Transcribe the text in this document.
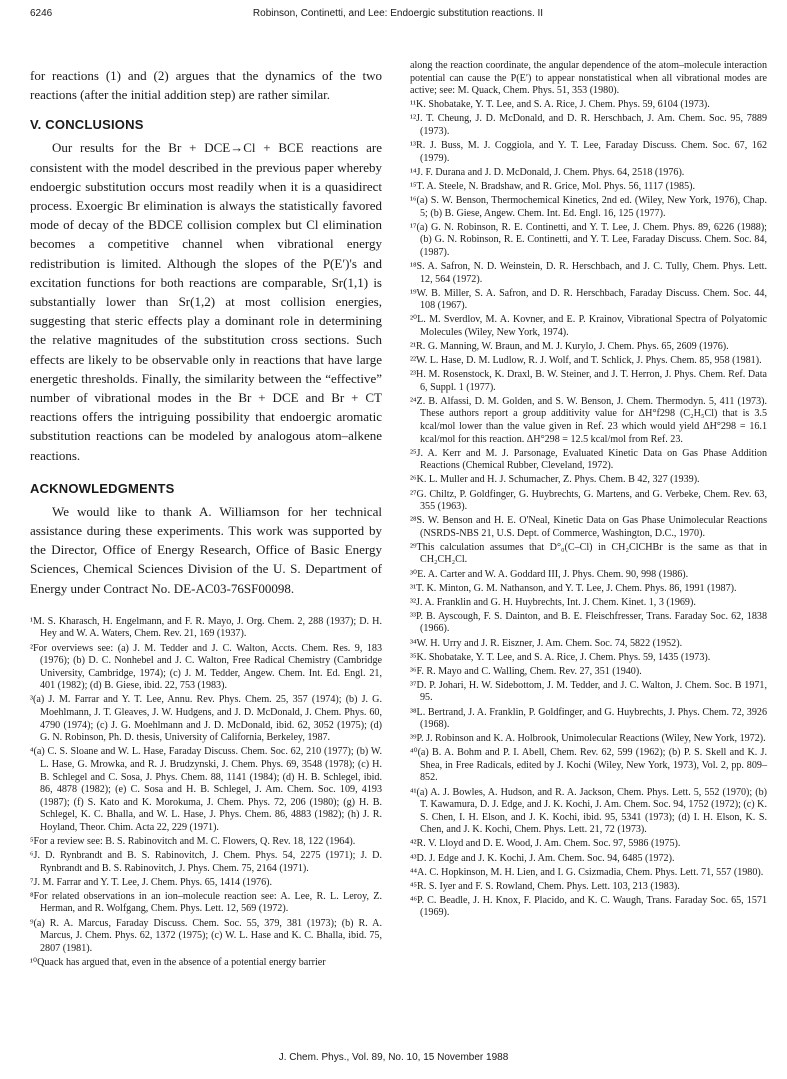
6246	Robinson, Continetti, and Lee: Endoergic substitution reactions. II

for reactions (1) and (2) argues that the dynamics of the two reactions (after the initial addition step) are rather similar.

V. CONCLUSIONS

Our results for the Br + DCE→Cl + BCE reactions are consistent with the model described in the previous paper whereby endoergic substitution occurs most readily when it is a quasidirect process. Exoergic Br elimination is always the statistically favored mode of decay of the BDCE collision complex but Cl elimination becomes a competitive channel when vibrational energy redistribution is limited. Although the slopes of the P(E′)'s and excitation functions for both reactions are comparable, Sr(1,1) is substantially lower than Sr(1,2) at most collision energies, suggesting that steric effects play a dominant role in determining the relative magnitudes of the substitution cross sections. Such effects are likely to be observable only in reactions that have large energetic thresholds. Finally, the similarity between the “effective” number of vibrational modes in the Br + DCE and Br + CT reactions offers the intriguing possibility that endoergic aromatic substitution reactions can be modeled by analogous atom–alkene reactions.

ACKNOWLEDGMENTS

We would like to thank A. Williamson for her technical assistance during these experiments. This work was supported by the Director, Office of Energy Research, Office of Basic Energy Sciences, Chemical Sciences Division of the U. S. Department of Energy under Contract No. DE-AC03-76SF00098.

¹M. S. Kharasch, H. Engelmann, and F. R. Mayo, J. Org. Chem. 2, 288 (1937); D. H. Hey and W. A. Waters, Chem. Rev. 21, 169 (1937).

²For overviews see: (a) J. M. Tedder and J. C. Walton, Accts. Chem. Res. 9, 183 (1976); (b) D. C. Nonhebel and J. C. Walton, Free Radical Chemistry (Cambridge University, Cambridge, 1974); (c) J. M. Tedder, Angew. Chem. Int. Ed. Engl. 21, 401 (1982); (d) B. Giese, ibid. 22, 753 (1983).

³(a) J. M. Farrar and Y. T. Lee, Annu. Rev. Phys. Chem. 25, 357 (1974); (b) J. G. Moehlmann, J. T. Gleaves, J. W. Hudgens, and J. D. McDonald, J. Chem. Phys. 60, 4790 (1974); (c) J. G. Moehlmann and J. D. McDonald, ibid. 62, 3052 (1975); (d) G. N. Robinson, Ph. D. thesis, University of California, Berkeley, 1987.

⁴(a) C. S. Sloane and W. L. Hase, Faraday Discuss. Chem. Soc. 62, 210 (1977); (b) W. L. Hase, G. Mrowka, and R. J. Brudzynski, J. Chem. Phys. 69, 3548 (1978); (c) H. B. Schlegel and C. Sosa, J. Phys. Chem. 88, 1141 (1984); (d) H. B. Schlegel, ibid. 86, 4878 (1982); (e) C. Sosa and H. B. Schlegel, J. Am. Chem. Soc. 109, 4193 (1987); (f) S. Kato and K. Morokuma, J. Chem. Phys. 72, 206 (1980); (g) H. B. Schlegel, K. C. Bhalla, and W. L. Hase, J. Phys. Chem. 86, 4883 (1982); (h) J. R. Hoyland, Theor. Chim. Acta 22, 229 (1971).

⁵For a review see: B. S. Rabinovitch and M. C. Flowers, Q. Rev. 18, 122 (1964).

⁶J. D. Rynbrandt and B. S. Rabinovitch, J. Chem. Phys. 54, 2275 (1971); J. D. Rynbrandt and B. S. Rabinovitch, J. Phys. Chem. 75, 2164 (1971).

⁷J. M. Farrar and Y. T. Lee, J. Chem. Phys. 65, 1414 (1976).

⁸For related observations in an ion–molecule reaction see: A. Lee, R. L. Leroy, Z. Herman, and R. Wolfgang, Chem. Phys. Lett. 12, 569 (1972).

⁹(a) R. A. Marcus, Faraday Discuss. Chem. Soc. 55, 379, 381 (1973); (b) R. A. Marcus, J. Chem. Phys. 62, 1372 (1975); (c) W. L. Hase and K. C. Bhalla, ibid. 75, 2807 (1981).

¹⁰Quack has argued that, even in the absence of a potential energy barrier

along the reaction coordinate, the angular dependence of the atom–molecule interaction potential can cause the P(E′) to appear nonstatistical when all vibrational modes are active; see: M. Quack, Chem. Phys. 51, 353 (1980).

¹¹K. Shobatake, Y. T. Lee, and S. A. Rice, J. Chem. Phys. 59, 6104 (1973).

¹²J. T. Cheung, J. D. McDonald, and D. R. Herschbach, J. Am. Chem. Soc. 95, 7889 (1973).

¹³R. J. Buss, M. J. Coggiola, and Y. T. Lee, Faraday Discuss. Chem. Soc. 67, 162 (1979).

¹⁴J. F. Durana and J. D. McDonald, J. Chem. Phys. 64, 2518 (1976).

¹⁵T. A. Steele, N. Bradshaw, and R. Grice, Mol. Phys. 56, 1117 (1985).

¹⁶(a) S. W. Benson, Thermochemical Kinetics, 2nd ed. (Wiley, New York, 1976), Chap. 5; (b) B. Giese, Angew. Chem. Int. Ed. Engl. 16, 125 (1977).

¹⁷(a) G. N. Robinson, R. E. Continetti, and Y. T. Lee, J. Chem. Phys. 89, 6226 (1988); (b) G. N. Robinson, R. E. Continetti, and Y. T. Lee, Faraday Discuss. Chem. Soc. 84, (1987).

¹⁸S. A. Safron, N. D. Weinstein, D. R. Herschbach, and J. C. Tully, Chem. Phys. Lett. 12, 564 (1972).

¹⁹W. B. Miller, S. A. Safron, and D. R. Herschbach, Faraday Discuss. Chem. Soc. 44, 108 (1967).

²⁰L. M. Sverdlov, M. A. Kovner, and E. P. Krainov, Vibrational Spectra of Polyatomic Molecules (Wiley, New York, 1974).

²¹R. G. Manning, W. Braun, and M. J. Kurylo, J. Chem. Phys. 65, 2609 (1976).

²²W. L. Hase, D. M. Ludlow, R. J. Wolf, and T. Schlick, J. Phys. Chem. 85, 958 (1981).

²³H. M. Rosenstock, K. Draxl, B. W. Steiner, and J. T. Herron, J. Phys. Chem. Ref. Data 6, Suppl. 1 (1977).

²⁴Z. B. Alfassi, D. M. Golden, and S. W. Benson, J. Chem. Thermodyn. 5, 411 (1973). These authors report a group additivity value for ΔH°f298 (C₂H₅Cl) that is 3.5 kcal/mol lower than the value given in Ref. 23 which would yield ΔH°298 = 16.1 kcal/mol for this reaction. ΔH°298 = 12.5 kcal/mol from Ref. 23.

²⁵J. A. Kerr and M. J. Parsonage, Evaluated Kinetic Data on Gas Phase Addition Reactions (Chemical Rubber, Cleveland, 1972).

²⁶K. L. Muller and H. J. Schumacher, Z. Phys. Chem. B 42, 327 (1939).

²⁷G. Chiltz, P. Goldfinger, G. Huybrechts, G. Martens, and G. Verbeke, Chem. Rev. 63, 355 (1963).

²⁸S. W. Benson and H. E. O'Neal, Kinetic Data on Gas Phase Unimolecular Reactions (NSRDS-NBS 21, U.S. Dept. of Commerce, Washington, D.C., 1970).

²⁹This calculation assumes that D°₀(C–Cl) in CH₂ClCHBr is the same as that in CH₂CH₂Cl.

³⁰E. A. Carter and W. A. Goddard III, J. Phys. Chem. 90, 998 (1986).

³¹T. K. Minton, G. M. Nathanson, and Y. T. Lee, J. Chem. Phys. 86, 1991 (1987).

³²J. A. Franklin and G. H. Huybrechts, Int. J. Chem. Kinet. 1, 3 (1969).

³³P. B. Ayscough, F. S. Dainton, and B. E. Fleischfresser, Trans. Faraday Soc. 62, 1838 (1966).

³⁴W. H. Urry and J. R. Eiszner, J. Am. Chem. Soc. 74, 5822 (1952).

³⁵K. Shobatake, Y. T. Lee, and S. A. Rice, J. Chem. Phys. 59, 1435 (1973).

³⁶F. R. Mayo and C. Walling, Chem. Rev. 27, 351 (1940).

³⁷D. P. Johari, H. W. Sidebottom, J. M. Tedder, and J. C. Walton, J. Chem. Soc. B 1971, 95.

³⁸L. Bertrand, J. A. Franklin, P. Goldfinger, and G. Huybrechts, J. Phys. Chem. 72, 3926 (1968).

³⁹P. J. Robinson and K. A. Holbrook, Unimolecular Reactions (Wiley, New York, 1972).

⁴⁰(a) B. A. Bohm and P. I. Abell, Chem. Rev. 62, 599 (1962); (b) P. S. Skell and K. J. Shea, in Free Radicals, edited by J. Kochi (Wiley, New York, 1973), Vol. 2, pp. 809–852.

⁴¹(a) A. J. Bowles, A. Hudson, and R. A. Jackson, Chem. Phys. Lett. 5, 552 (1970); (b) T. Kawamura, D. J. Edge, and J. K. Kochi, J. Am. Chem. Soc. 94, 1752 (1972); (c) K. S. Chen, I. H. Elson, and J. K. Kochi, ibid. 95, 5341 (1973); (d) I. H. Elson, K. S. Chen, and J. K. Kochi, Chem. Phys. Lett. 21, 72 (1973).

⁴²R. V. Lloyd and D. E. Wood, J. Am. Chem. Soc. 97, 5986 (1975).

⁴³D. J. Edge and J. K. Kochi, J. Am. Chem. Soc. 94, 6485 (1972).

⁴⁴A. C. Hopkinson, M. H. Lien, and I. G. Csizmadia, Chem. Phys. Lett. 71, 557 (1980).

⁴⁵R. S. Iyer and F. S. Rowland, Chem. Phys. Lett. 103, 213 (1983).

⁴⁶P. C. Beadle, J. H. Knox, F. Placido, and K. C. Waugh, Trans. Faraday Soc. 65, 1571 (1969).

J. Chem. Phys., Vol. 89, No. 10, 15 November 1988
